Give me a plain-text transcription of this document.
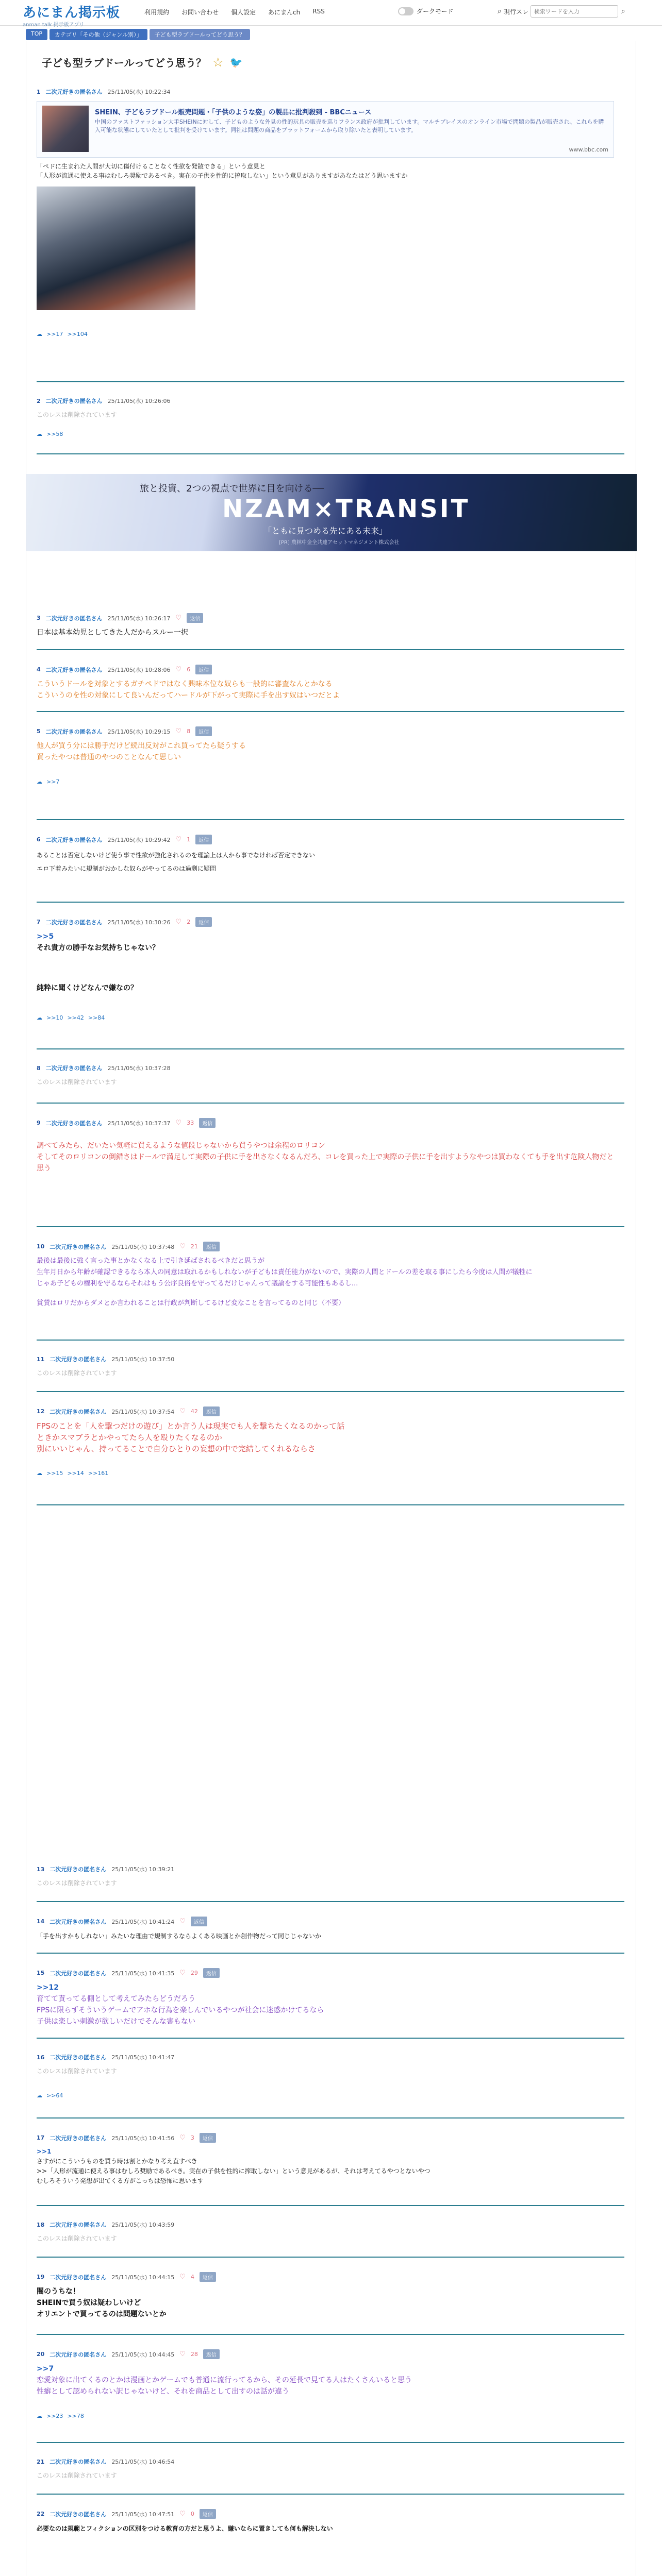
あにまん掲示板
anman talk 掲示板アプリ
利用規約 お問い合わせ 個人設定 あにまんch RSS	ダークモード	⌕ 現行スレ
検索ワードを入力	⌕
TOP	カテゴリ「その他（ジャンル別）」	子ども型ラブドールってどう思う？
子ども型ラブドールってどう思う？ ☆ 🐦
1 二次元好きの匿名さん 25/11/05(水) 10:22:34
SHEIN、子どもラブドール販売問題・「子供のような姿」の製品に批判殺到 - BBCニュース
中国のファストファッション大手SHEINに対して、子どものような外見の性的玩具の販売を巡りフランス政府が批判しています。マルチプレイスのオンライン市場で問題の製品が販売され、これらを購入可能な状態にしていたとして批判を受けています。同社は問題の商品をプラットフォームから取り除いたと表明しています。
www.bbc.com
「ペドに生まれた人間が大切に傷付けることなく性欲を発散できる」という意見と
「人形が流通に使える事はむしろ奨励であるべき。実在の子供を性的に搾取しない」という意見がありますがあなたはどう思いますか
☁ >>17 >>104
2 二次元好きの匿名さん 25/11/05(水) 10:26:06
このレスは削除されています
☁ >>58
旅と投資、2つの視点で世界に目を向ける──
NZAM×TRANSIT
「ともに見つめる先にある未来」
[PR] 農林中金全共連アセットマネジメント株式会社
3 二次元好きの匿名さん 25/11/05(水) 10:26:17 ♡	返信
日本は基本幼児としてきた人だからスルー一択
4 二次元好きの匿名さん 25/11/05(水) 10:28:06 ♡ 6	返信
こういうドールを対象とするガチペドではなく興味本位な奴らも一般的に審査なんとかなる
こういうのを性の対象にして良いんだってハードルが下がって実際に手を出す奴はいつだとよ
5 二次元好きの匿名さん 25/11/05(水) 10:29:15 ♡ 8	返信
他人が買う分には勝手だけど続出反対がこれ買ってたら疑うする
買ったやつは普通のやつのことなんて思しい
☁ >>7
6 二次元好きの匿名さん 25/11/05(水) 10:29:42 ♡ 1	返信
あることは否定しないけど使う事で性欲が強化されるのを理論上は人から事でなければ否定できない
エロ下着みたいに規制がおかしな奴らがやってるのは過剰に疑問
7 二次元好きの匿名さん 25/11/05(水) 10:30:26 ♡ 2	返信
>>5
それ貴方の勝手なお気持ちじゃない？
純粋に聞くけどなんで嫌なの？
☁ >>10 >>42 >>84
8 二次元好きの匿名さん 25/11/05(水) 10:37:28
このレスは削除されています
9 二次元好きの匿名さん 25/11/05(水) 10:37:37 ♡ 33	返信
調べてみたら、だいたい気軽に買えるような値段じゃないから買うやつは余程のロリコン
そしてそのロリコンの倒錯さはドールで満足して実際の子供に手を出さなくなるんだろ、コレを買った上で実際の子供に手を出すようなやつは買わなくても手を出す危険人物だと思う
10 二次元好きの匿名さん 25/11/05(水) 10:37:48 ♡ 21	返信
最後は最後に強く言った事とかなくなる上で引き延ばされるべきだと思うが
生年月日から年齢が確認できるなら本人の同意は取れるかもしれないが子どもは責任能力がないので、実際の人間とドールの差を取る事にしたら今度は人間が犠牲に
じゃあ子どもの権利を守るならそれはもう公序良俗を守ってるだけじゃんって議論をする可能性もあるし...
賞賛はロリだからダメとか言われることは行政が判断してるけど変なことを言ってるのと同じ（不要）
11 二次元好きの匿名さん 25/11/05(水) 10:37:50
このレスは削除されています
12 二次元好きの匿名さん 25/11/05(水) 10:37:54 ♡ 42	返信
FPSのことを「人を撃つだけの遊び」とか言う人は現実でも人を撃ちたくなるのかって話
ときかスマブラとかやってたら人を殴りたくなるのか
別にいいじゃん、持ってることで自分ひとりの妄想の中で完結してくれるならさ
☁ >>15 >>14 >>161
13 二次元好きの匿名さん 25/11/05(水) 10:39:21
このレスは削除されています
14 二次元好きの匿名さん 25/11/05(水) 10:41:24 ♡	返信
「手を出すかもしれない」みたいな理由で規制するならよくある映画とか創作物だって同じじゃないか
15 二次元好きの匿名さん 25/11/05(水) 10:41:35 ♡ 29	返信
>>12
育てて貰ってる側として考えてみたらどうだろう
FPSに限らずそういうゲームでアホな行為を楽しんでいるやつが社会に迷惑かけてるなら
子供は楽しい刺激が欲しいだけでそんな害もない
16 二次元好きの匿名さん 25/11/05(水) 10:41:47
このレスは削除されています
☁ >>64
17 二次元好きの匿名さん 25/11/05(水) 10:41:56 ♡ 3	返信
>>1
さすがにこういうものを買う時は割とかなり考え直すべき
>>「人形が流通に使える事はむしろ奨励であるべき。実在の子供を性的に搾取しない」という意見があるが、それは考えてるやつとないやつ
むしろそういう発想が出てくる方がこっちは恐怖に思います
18 二次元好きの匿名さん 25/11/05(水) 10:43:59
このレスは削除されています
19 二次元好きの匿名さん 25/11/05(水) 10:44:15 ♡ 4	返信
闇のうちな！
SHEINで買う奴は疑わしいけど
オリエントで買ってるのは問題ないとか
20 二次元好きの匿名さん 25/11/05(水) 10:44:45 ♡ 28	返信
>>7
恋愛対象に出てくるのとかは漫画とかゲームでも普通に流行ってるから、その延長で見てる人はたくさんいると思う
性癖として認められない訳じゃないけど、それを商品として出すのは話が違う
☁ >>23 >>78
21 二次元好きの匿名さん 25/11/05(水) 10:46:54
このレスは削除されています
22 二次元好きの匿名さん 25/11/05(水) 10:47:51 ♡ 0	返信
必要なのは規範とフィクションの区別をつける教育の方だと思うよ、嫌いならに置きしても何も解決しない
